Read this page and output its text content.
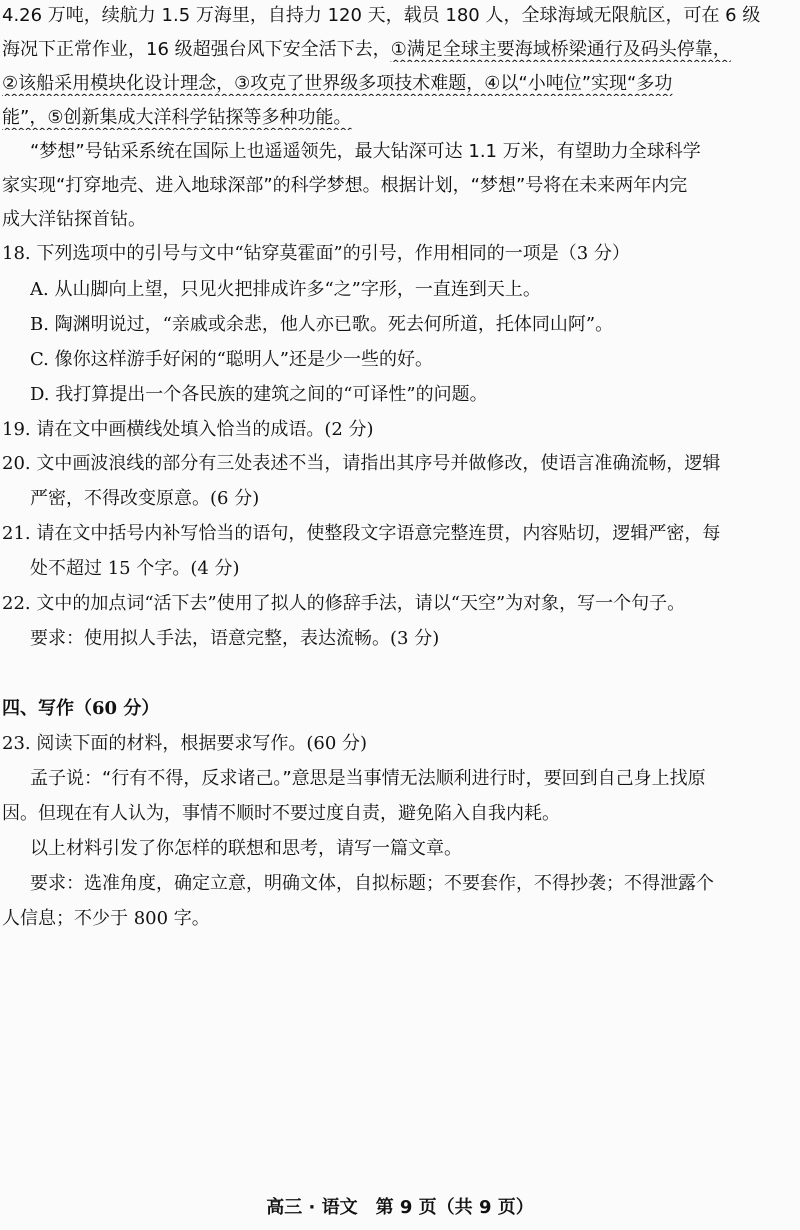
4.26 万吨，续航力 1.5 万海里，自持力 120 天，载员 180 人，全球海域无限航区，可在 6 级
海况下正常作业，16 级超强台风下安全活下去，①满足全球主要海域桥梁通行及码头停靠，
②该船采用模块化设计理念，③攻克了世界级多项技术难题，④以“小吨位”实现“多功
能”，⑤创新集成大洋科学钻探等多种功能。
“梦想”号钻采系统在国际上也遥遥领先，最大钻深可达 1.1 万米，有望助力全球科学
家实现“打穿地壳、进入地球深部”的科学梦想。根据计划，“梦想”号将在未来两年内完
成大洋钻探首钻。
18. 下列选项中的引号与文中“钻穿莫霍面”的引号，作用相同的一项是（3 分）
A. 从山脚向上望，只见火把排成许多“之”字形，一直连到天上。
B. 陶渊明说过，“亲戚或余悲，他人亦已歌。死去何所道，托体同山阿”。
C. 像你这样游手好闲的“聪明人”还是少一些的好。
D. 我打算提出一个各民族的建筑之间的“可译性”的问题。
19. 请在文中画横线处填入恰当的成语。(2 分)
20. 文中画波浪线的部分有三处表述不当，请指出其序号并做修改，使语言准确流畅，逻辑
严密，不得改变原意。(6 分)
21. 请在文中括号内补写恰当的语句，使整段文字语意完整连贯，内容贴切，逻辑严密，每
处不超过 15 个字。(4 分)
22. 文中的加点词“活下去”使用了拟人的修辞手法，请以“天空”为对象，写一个句子。
要求：使用拟人手法，语意完整，表达流畅。(3 分)
四、写作（60 分）
23. 阅读下面的材料，根据要求写作。(60 分)
孟子说：“行有不得，反求诸己。”意思是当事情无法顺利进行时，要回到自己身上找原
因。但现在有人认为，事情不顺时不要过度自责，避免陷入自我内耗。
以上材料引发了你怎样的联想和思考，请写一篇文章。
要求：选准角度，确定立意，明确文体，自拟标题；不要套作，不得抄袭；不得泄露个
人信息；不少于 800 字。
高三 · 语文　第 9 页（共 9 页）
